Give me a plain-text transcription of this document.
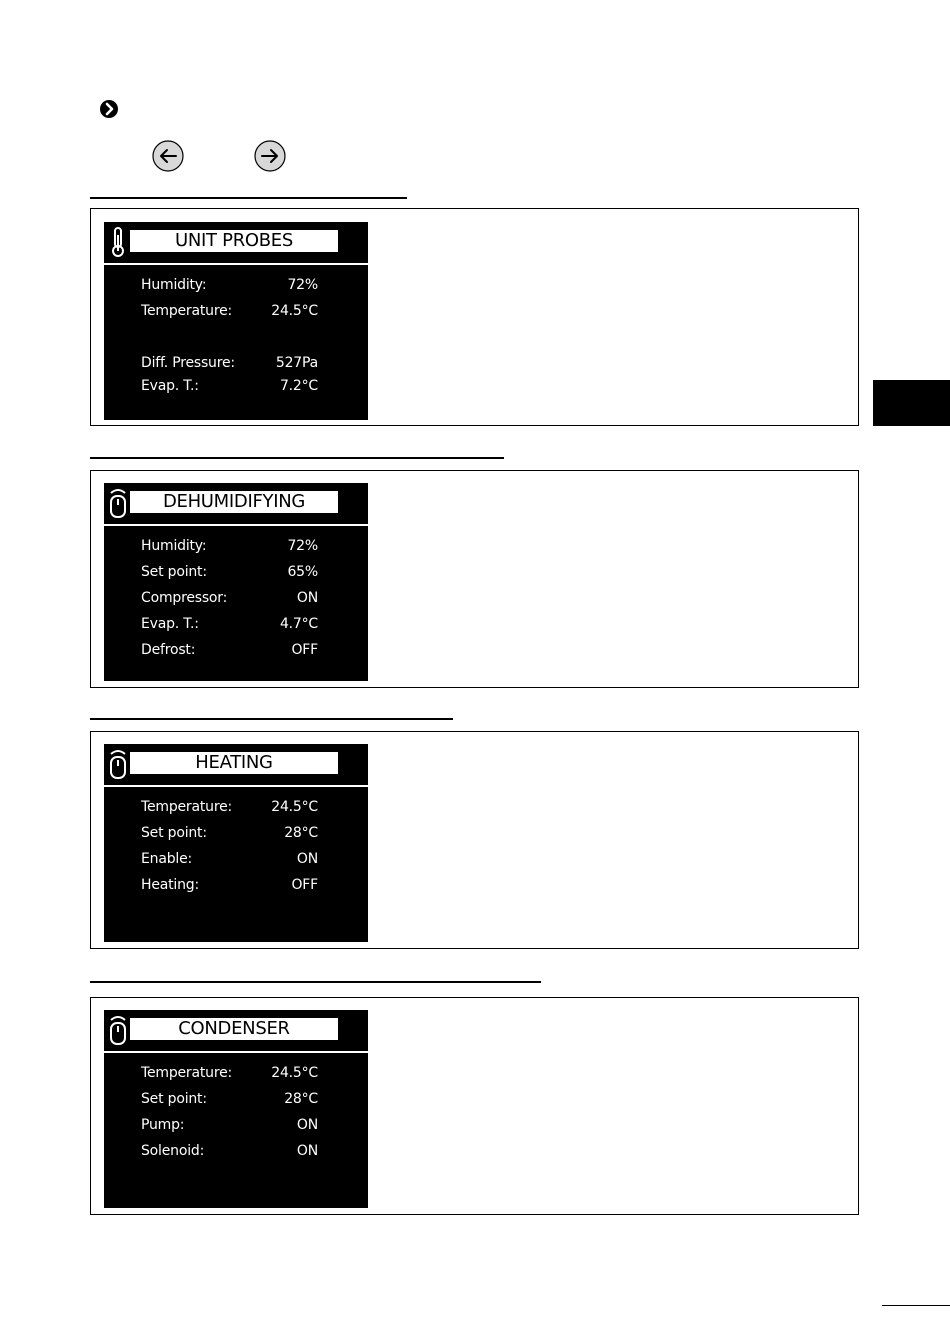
UNIT PROBES
Humidity:	72%
Temperature:	24.5°C
Diff. Pressure:	527Pa
Evap. T.:	7.2°C
DEHUMIDIFYING
Humidity:	72%
Set point:	65%
Compressor:	ON
Evap. T.:	4.7°C
Defrost:	OFF
HEATING
Temperature:	24.5°C
Set point:	28°C
Enable:	ON
Heating:	OFF
CONDENSER
Temperature:	24.5°C
Set point:	28°C
Pump:	ON
Solenoid:	ON
